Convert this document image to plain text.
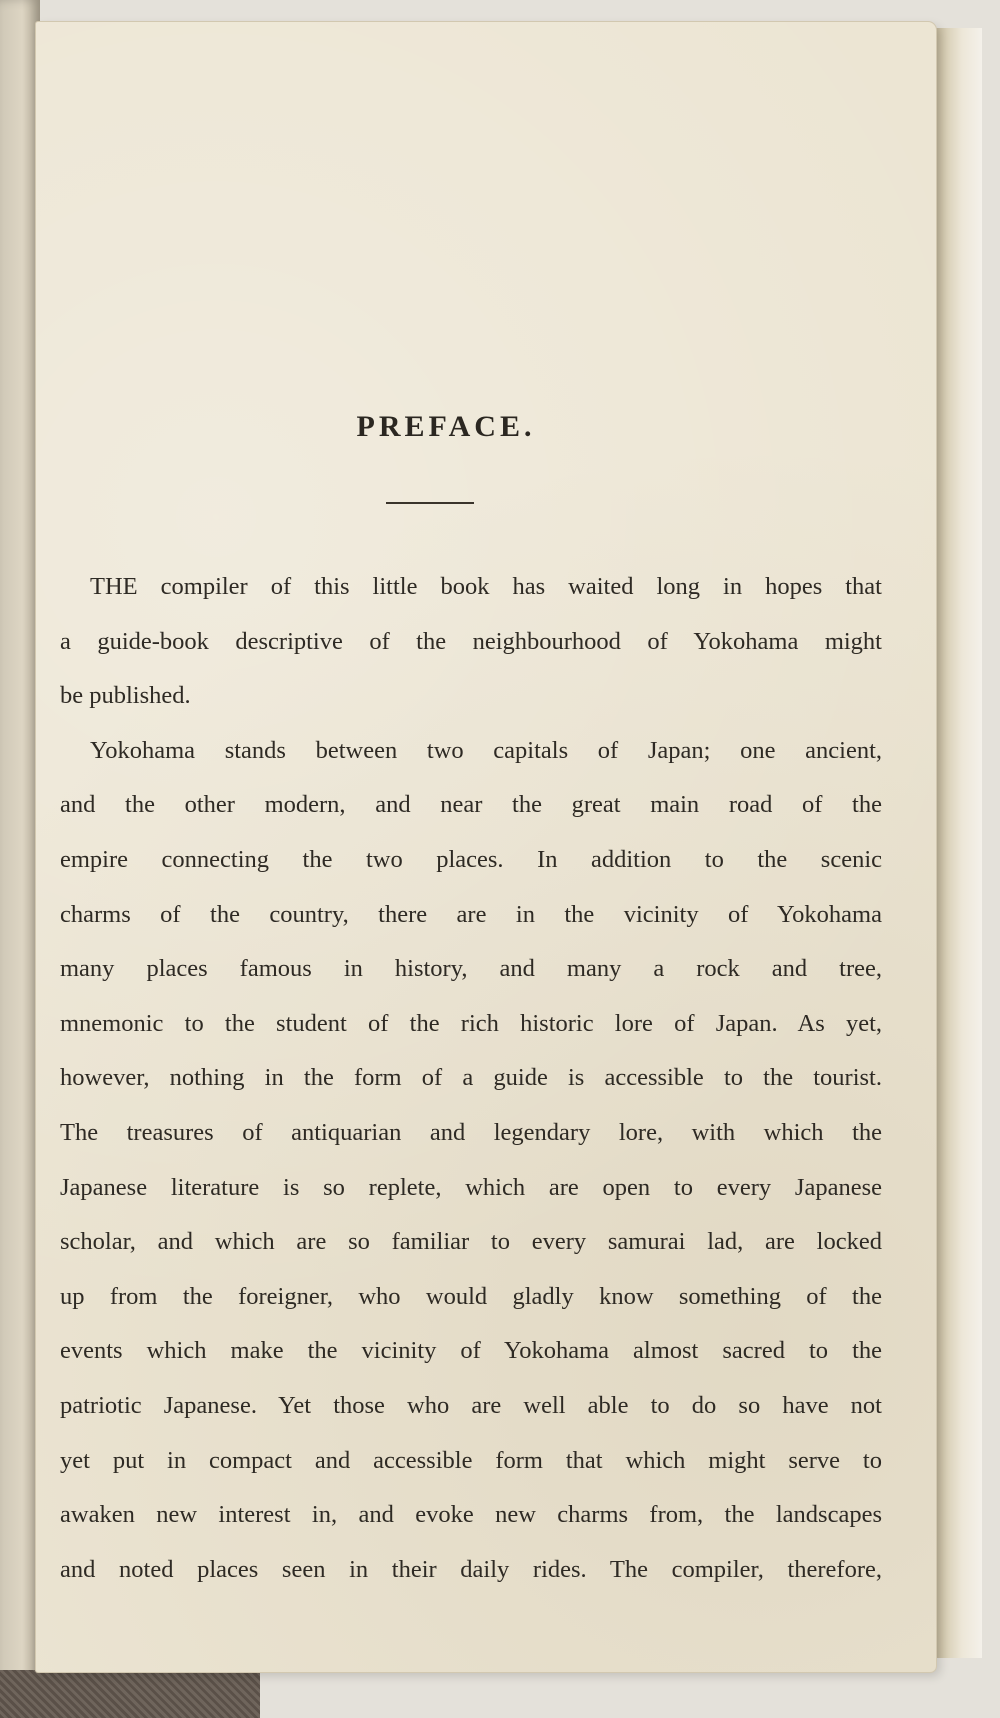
PREFACE.
THE compiler of this little book has waited long in hopes that
a guide-book descriptive of the neighbourhood of Yokohama might
be published.
Yokohama stands between two capitals of Japan; one ancient,
and the other modern, and near the great main road of the
empire connecting the two places. In addition to the scenic
charms of the country, there are in the vicinity of Yokohama
many places famous in history, and many a rock and tree,
mnemonic to the student of the rich historic lore of Japan. As yet,
however, nothing in the form of a guide is accessible to the tourist.
The treasures of antiquarian and legendary lore, with which the
Japanese literature is so replete, which are open to every Japanese
scholar, and which are so familiar to every samurai lad, are locked
up from the foreigner, who would gladly know something of the
events which make the vicinity of Yokohama almost sacred to the
patriotic Japanese. Yet those who are well able to do so have not
yet put in compact and accessible form that which might serve to
awaken new interest in, and evoke new charms from, the landscapes
and noted places seen in their daily rides. The compiler, therefore,
